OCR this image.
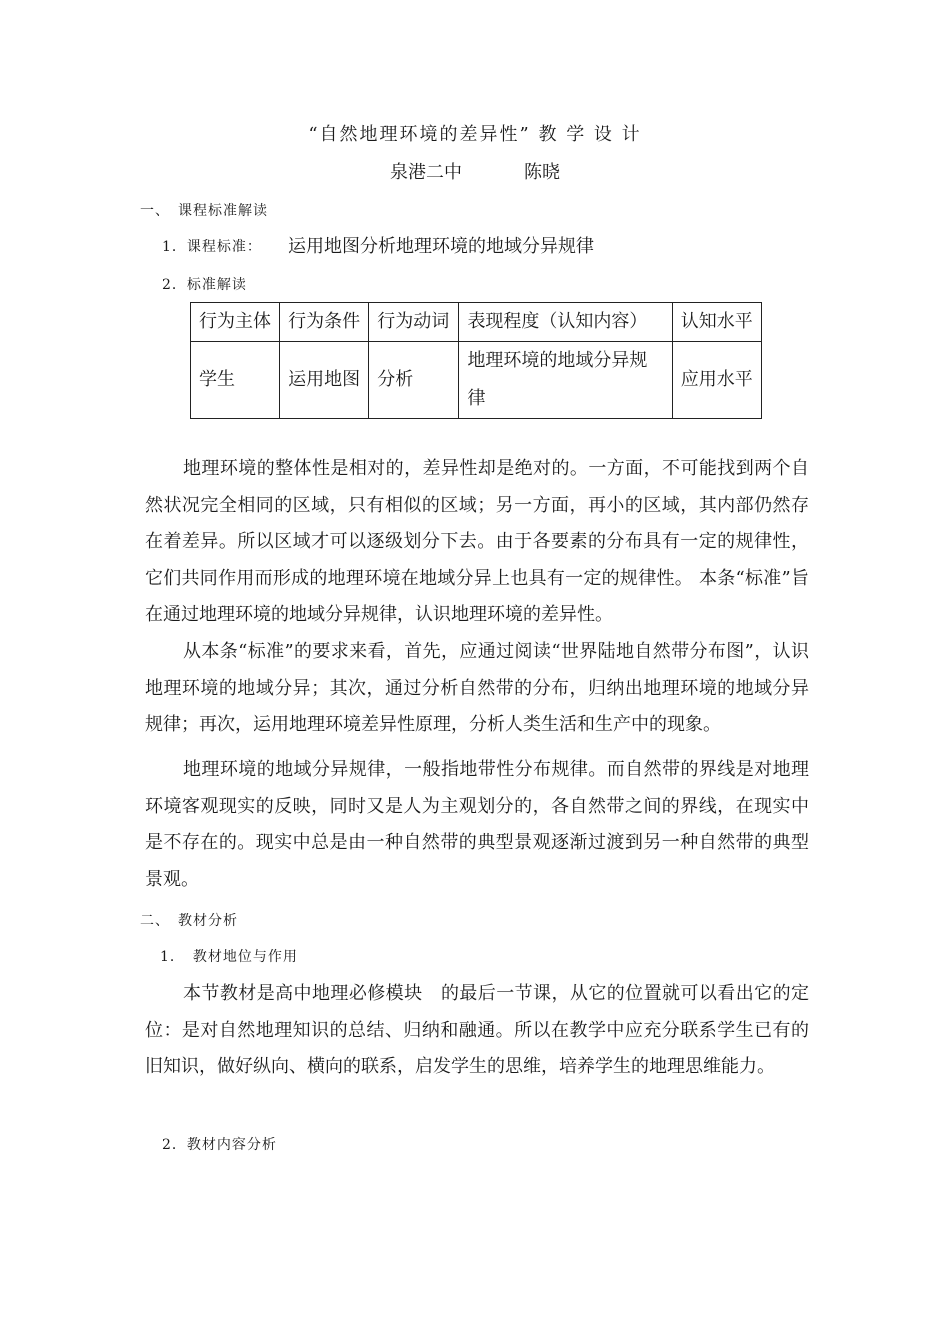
“自然地理环境的差异性” 教 学 设 计
泉港二中	陈晓
一、　课程标准解读
1．课程标准： 运用地图分析地理环境的地域分异规律
2．标准解读
行为主体	行为条件	行为动词	表现程度（认知内容）	认知水平
学生	运用地图	分析	地理环境的地域分异规律	应用水平

地理环境的整体性是相对的，差异性却是绝对的。一方面，不可能找到两个自然状况完全相同的区域，只有相似的区域；另一方面，再小的区域，其内部仍然存在着差异。所以区域才可以逐级划分下去。由于各要素的分布具有一定的规律性，它们共同作用而形成的地理环境在地域分异上也具有一定的规律性。 本条“标准”旨在通过地理环境的地域分异规律，认识地理环境的差异性。

从本条“标准”的要求来看，首先，应通过阅读“世界陆地自然带分布图”，认识地理环境的地域分异；其次，通过分析自然带的分布，归纳出地理环境的地域分异规律；再次，运用地理环境差异性原理，分析人类生活和生产中的现象。

地理环境的地域分异规律，一般指地带性分布规律。而自然带的界线是对地理环境客观现实的反映，同时又是人为主观划分的，各自然带之间的界线，在现实中是不存在的。现实中总是由一种自然带的典型景观逐渐过渡到另一种自然带的典型景观。

二、　教材分析
1．　教材地位与作用

本节教材是高中地理必修模块　的最后一节课，从它的位置就可以看出它的定位：是对自然地理知识的总结、归纳和融通。所以在教学中应充分联系学生已有的旧知识，做好纵向、横向的联系，启发学生的思维，培养学生的地理思维能力。

2．教材内容分析
